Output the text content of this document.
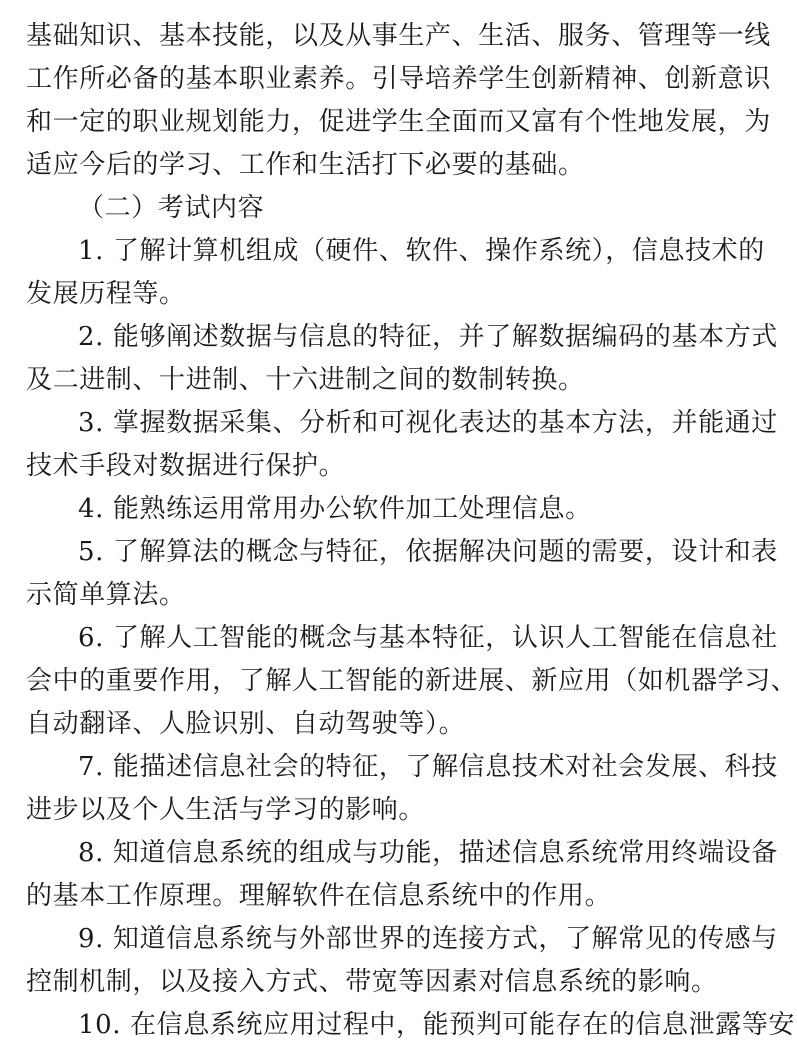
基础知识、基本技能，以及从事生产、生活、服务、管理等一线
工作所必备的基本职业素养。引导培养学生创新精神、创新意识
和一定的职业规划能力，促进学生全面而又富有个性地发展，为
适应今后的学习、工作和生活打下必要的基础。
（二）考试内容
1. 了解计算机组成（硬件、软件、操作系统），信息技术的
发展历程等。
2. 能够阐述数据与信息的特征，并了解数据编码的基本方式
及二进制、十进制、十六进制之间的数制转换。
3. 掌握数据采集、分析和可视化表达的基本方法，并能通过
技术手段对数据进行保护。
4. 能熟练运用常用办公软件加工处理信息。
5. 了解算法的概念与特征，依据解决问题的需要，设计和表
示简单算法。
6. 了解人工智能的概念与基本特征，认识人工智能在信息社
会中的重要作用，了解人工智能的新进展、新应用（如机器学习、
自动翻译、人脸识别、自动驾驶等）。
7. 能描述信息社会的特征，了解信息技术对社会发展、科技
进步以及个人生活与学习的影响。
8. 知道信息系统的组成与功能，描述信息系统常用终端设备
的基本工作原理。理解软件在信息系统中的作用。
9. 知道信息系统与外部世界的连接方式，了解常见的传感与
控制机制，以及接入方式、带宽等因素对信息系统的影响。
10. 在信息系统应用过程中，能预判可能存在的信息泄露等安
